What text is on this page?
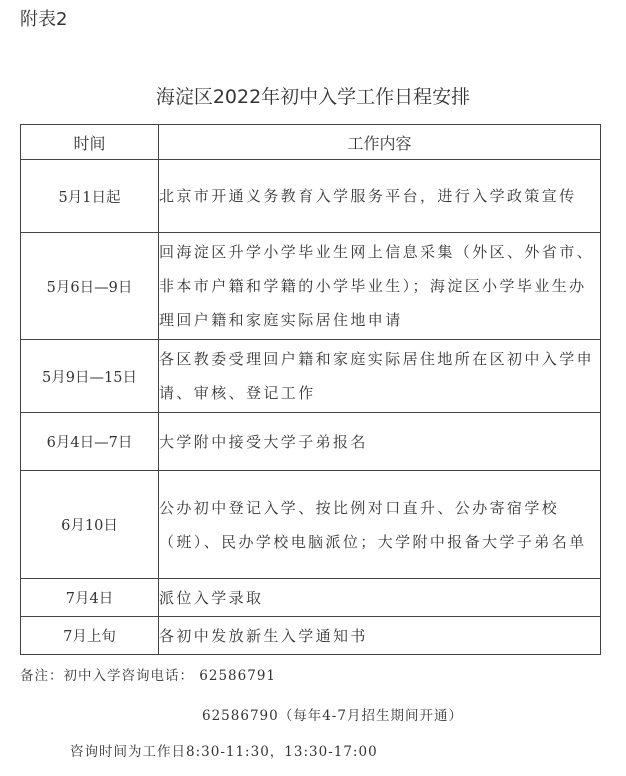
附表2
海淀区2022年初中入学工作日程安排
时间	工作内容
5月1日起	北京市开通义务教育入学服务平台，进行入学政策宣传
5月6日—9日	回海淀区升学小学毕业生网上信息采集（外区、外省市、非本市户籍和学籍的小学毕业生）；海淀区小学毕业生办理回户籍和家庭实际居住地申请
5月9日—15日	各区教委受理回户籍和家庭实际居住地所在区初中入学申请、审核、登记工作
6月4日—7日	大学附中接受大学子弟报名
6月10日	公办初中登记入学、按比例对口直升、公办寄宿学校（班）、民办学校电脑派位；大学附中报备大学子弟名单
7月4日	派位入学录取
7月上旬	各初中发放新生入学通知书
备注：初中入学咨询电话： 62586791
62586790（每年4-7月招生期间开通）
咨询时间为工作日8:30-11:30，13:30-17:00
